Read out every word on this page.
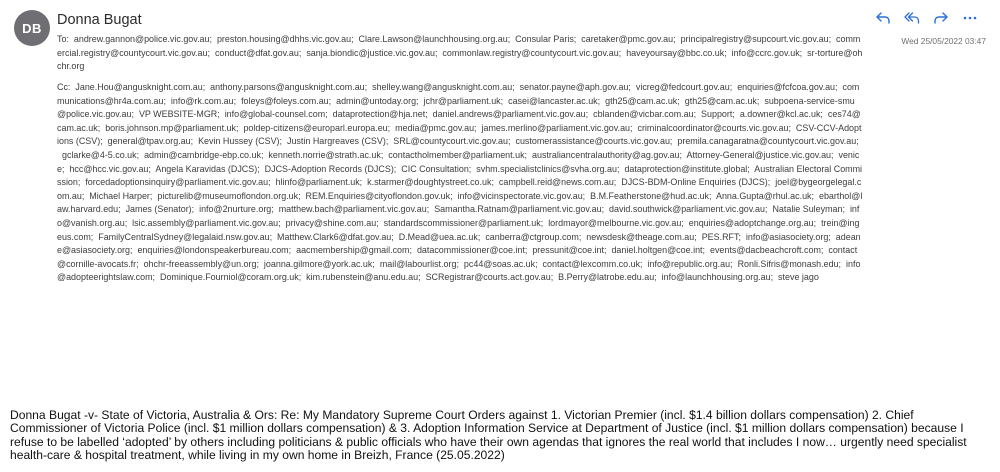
DB	Donna Bugat
Wed 25/05/2022 03:47
To: andrew.gannon@police.vic.gov.au; preston.housing@dhhs.vic.gov.au; Clare.Lawson@launchhousing.org.au; Consular Paris; caretaker@pmc.gov.au; principalregistry@supcourt.vic.gov.au; commercial.registry@countycourt.vic.gov.au; conduct@dfat.gov.au; sanja.biondic@justice.vic.gov.au; commonlaw.registry@countycourt.vic.gov.au; haveyoursay@bbc.co.uk; info@ccrc.gov.uk; sr-torture@ohchr.org
Cc: Jane.Hou@angusknight.com.au; anthony.parsons@angusknight.com.au; shelley.wang@angusknight.com.au; senator.payne@aph.gov.au; vicreg@fedcourt.gov.au; enquiries@fcfcoa.gov.au; communications@hr4a.com.au; info@rk.com.au; foleys@foleys.com.au; admin@untoday.org; jchr@parliament.uk; casei@lancaster.ac.uk; gth25@cam.ac.uk; gth25@cam.ac.uk; subpoena-service-smu@police.vic.gov.au; VP WEBSITE-MGR; info@global-counsel.com; dataprotection@hja.net; daniel.andrews@parliament.vic.gov.au; cblanden@vicbar.com.au; Support; a.downer@kcl.ac.uk; ces74@cam.ac.uk; boris.johnson.mp@parliament.uk; poldep-citizens@europarl.europa.eu; media@pmc.gov.au; james.merlino@parliament.vic.gov.au; criminalcoordinator@courts.vic.gov.au; CSV-CCV-Adoptions (CSV); general@tpav.org.au; Kevin Hussey (CSV); Justin Hargreaves (CSV); SRL@countycourt.vic.gov.au; customerassistance@courts.vic.gov.au; premila.canagaratna@countycourt.vic.gov.au;  gclarke@4-5.co.uk; admin@cambridge-ebp.co.uk; kenneth.norrie@strath.ac.uk; contactholmember@parliament.uk; australiancentralauthority@ag.gov.au; Attorney-General@justice.vic.gov.au; venice; hcc@hcc.vic.gov.au; Angela Karavidas (DJCS); DJCS-Adoption Records (DJCS); CIC Consultation; svhm.specialistclinics@svha.org.au; dataprotection@institute.global; Australian Electoral Commission; forcedadoptionsinquiry@parliament.vic.gov.au; hlinfo@parliament.uk; k.starmer@doughtystreet.co.uk; campbell.reid@news.com.au; DJCS-BDM-Online Enquiries (DJCS); joel@bygeorgelegal.com.au; Michael Harper; picturelib@museumoflondon.org.uk; REM.Enquiries@cityoflondon.gov.uk; info@vicinspectorate.vic.gov.au; B.M.Featherstone@hud.ac.uk; Anna.Gupta@rhul.ac.uk; ebarthol@law.harvard.edu; James (Senator); info@2nurture.org; matthew.bach@parliament.vic.gov.au; Samantha.Ratnam@parliament.vic.gov.au; david.southwick@parliament.vic.gov.au; Natalie Suleyman; info@vanish.org.au; lsic.assembly@parliament.vic.gov.au; privacy@shine.com.au; standardscommissioner@parliament.uk; lordmayor@melbourne.vic.gov.au; enquiries@adoptchange.org.au; trein@ingeus.com; FamilyCentralSydney@legalaid.nsw.gov.au; Matthew.Clark6@dfat.gov.au; D.Mead@uea.ac.uk; canberra@ctgroup.com; newsdesk@theage.com.au; PES.RFT; info@asiasociety.org; adeane@asiasociety.org; enquiries@londonspeakerbureau.com; aacmembership@gmail.com; datacommissioner@coe.int; pressunit@coe.int; daniel.holtgen@coe.int; events@dacbeachcroft.com; contact@cornille-avocats.fr; ohchr-freeassembly@un.org; joanna.gilmore@york.ac.uk; mail@labourlist.org; pc44@soas.ac.uk; contact@lexcomm.co.uk; info@republic.org.au; Ronli.Sifris@monash.edu; info@adopteerightslaw.com; Dominique.Fourniol@coram.org.uk; kim.rubenstein@anu.edu.au; SCRegistrar@courts.act.gov.au; B.Perry@latrobe.edu.au; info@launchhousing.org.au; steve jago
Donna Bugat -v- State of Victoria, Australia & Ors: Re: My Mandatory Supreme Court Orders against 1. Victorian Premier (incl. $1.4 billion dollars compensation) 2. Chief Commissioner of Victoria Police (incl. $1 million dollars compensation) & 3. Adoption Information Service at Department of Justice (incl. $1 million dollars compensation) because I refuse to be labelled ‘adopted’ by others including politicians & public officials who have their own agendas that ignores the real world that includes I now… urgently need specialist health-care & hospital treatment, while living in my own home in Breizh, France (25.05.2022)
